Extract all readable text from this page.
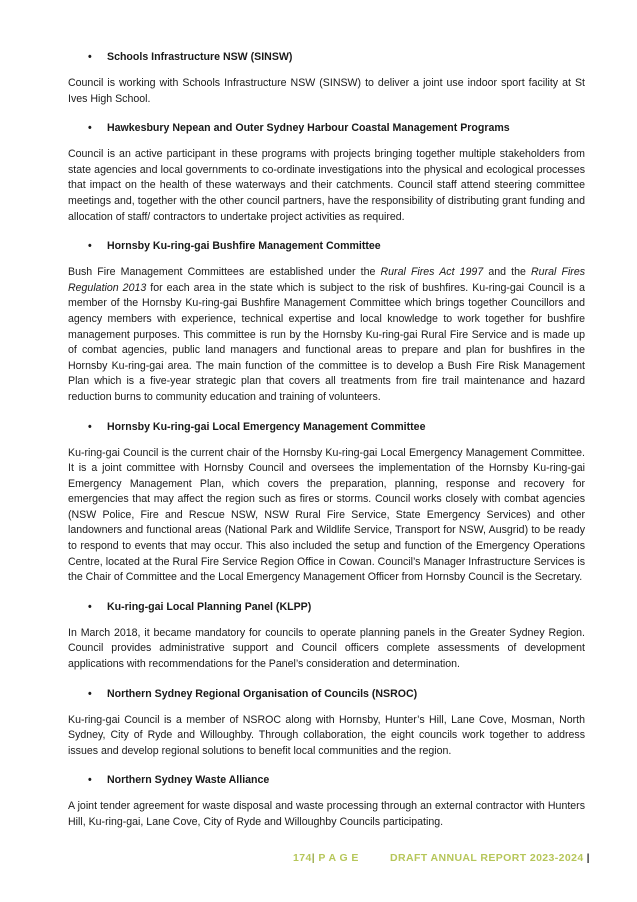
• Schools Infrastructure NSW (SINSW)

Council is working with Schools Infrastructure NSW (SINSW) to deliver a joint use indoor sport facility at St Ives High School.

• Hawkesbury Nepean and Outer Sydney Harbour Coastal Management Programs

Council is an active participant in these programs with projects bringing together multiple stakeholders from state agencies and local governments to co-ordinate investigations into the physical and ecological processes that impact on the health of these waterways and their catchments. Council staff attend steering committee meetings and, together with the other council partners, have the responsibility of distributing grant funding and allocation of staff/ contractors to undertake project activities as required.

• Hornsby Ku-ring-gai Bushfire Management Committee

Bush Fire Management Committees are established under the Rural Fires Act 1997 and the Rural Fires Regulation 2013 for each area in the state which is subject to the risk of bushfires. Ku-ring-gai Council is a member of the Hornsby Ku-ring-gai Bushfire Management Committee which brings together Councillors and agency members with experience, technical expertise and local knowledge to work together for bushfire management purposes. This committee is run by the Hornsby Ku-ring-gai Rural Fire Service and is made up of combat agencies, public land managers and functional areas to prepare and plan for bushfires in the Hornsby Ku-ring-gai area. The main function of the committee is to develop a Bush Fire Risk Management Plan which is a five-year strategic plan that covers all treatments from fire trail maintenance and hazard reduction burns to community education and training of volunteers.

• Hornsby Ku-ring-gai Local Emergency Management Committee

Ku-ring-gai Council is the current chair of the Hornsby Ku-ring-gai Local Emergency Management Committee. It is a joint committee with Hornsby Council and oversees the implementation of the Hornsby Ku-ring-gai Emergency Management Plan, which covers the preparation, planning, response and recovery for emergencies that may affect the region such as fires or storms. Council works closely with combat agencies (NSW Police, Fire and Rescue NSW, NSW Rural Fire Service, State Emergency Services) and other landowners and functional areas (National Park and Wildlife Service, Transport for NSW, Ausgrid) to be ready to respond to events that may occur. This also included the setup and function of the Emergency Operations Centre, located at the Rural Fire Service Region Office in Cowan. Council’s Manager Infrastructure Services is the Chair of Committee and the Local Emergency Management Officer from Hornsby Council is the Secretary.

• Ku-ring-gai Local Planning Panel (KLPP)

In March 2018, it became mandatory for councils to operate planning panels in the Greater Sydney Region. Council provides administrative support and Council officers complete assessments of development applications with recommendations for the Panel’s consideration and determination.

• Northern Sydney Regional Organisation of Councils (NSROC)

Ku-ring-gai Council is a member of NSROC along with Hornsby, Hunter’s Hill, Lane Cove, Mosman, North Sydney, City of Ryde and Willoughby. Through collaboration, the eight councils work together to address issues and develop regional solutions to benefit local communities and the region.

• Northern Sydney Waste Alliance

A joint tender agreement for waste disposal and waste processing through an external contractor with Hunters Hill, Ku-ring-gai, Lane Cove, City of Ryde and Willoughby Councils participating.

174| P A G E	DRAFT ANNUAL REPORT 2023-2024 |
